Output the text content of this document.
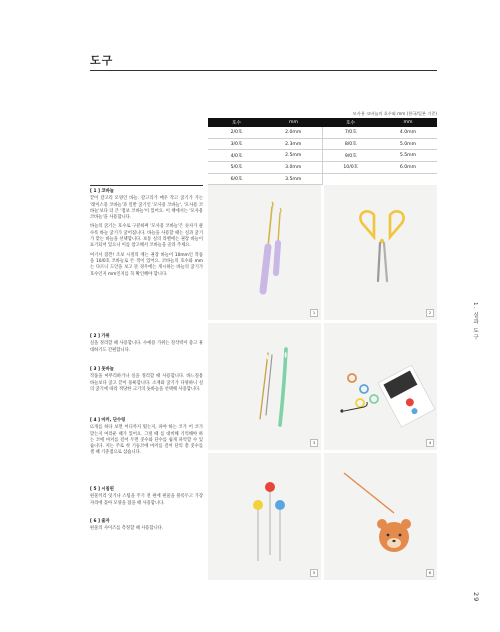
도구
모사용 코바늘의 호수와 mm (한국/일본 기준)
호수	mm	호수	mm
2/0호	2.0mm	7/0호	4.0mm
3/0호	2.3mm	8/0호	5.0mm
4/0호	2.5mm	9/0호	5.5mm
5/0호	3.0mm	10/0호	6.0mm
6/0호	3.5mm		
[ 1 ] 코바늘

끝이 갈고리 모양인 바늘. 갈고리가 매우 작고 굵기가 가는 '레이스용 코바늘'과 일반 굵기인 '모사용 코바늘', '모사용 코바늘'보다 더 큰 '점보 코바늘'이 있어요. 이 책에서는 '모사용 코바늘'을 사용합니다.

바늘의 굵기는 호수로 구분하며 '모사용 코바늘'은 숫자가 클수록 바늘 굵기가 굵어집니다. 바늘을 사용할 때는 실과 굵기가 맞는 바늘을 선택합니다. 보통 실의 라벨에는 권장 바늘이 표기되어 있으니 이를 참고해서 코바늘을 골라 주세요.

여기서 잠깐! 조보 시절의 재는 권장 바늘이 10mm인 작품을 10/0호 코바늘로 뜬 적이 있어요. 코바늘의 호수와 mm는 다르니 도안을 보고 뜰 경우에는 게시하는 바늘의 굵기가 호수인지 mm인지를 꼭 확인해야 합니다.

[ 2 ] 가위

실을 정리할 때 사용합니다. 수예용 가위는 절삭력이 좋고 휴대하기도 간편합니다.

[ 3 ] 돗바늘

작품을 마무리하거나 실을 정리할 때 사용합니다. 바느질용 바늘보다 굵고 끝이 뭉툭합니다. 소재와 굵기가 다양하니 실의 굵기에 따라 적당한 크기의 돗바늘을 선택해 사용합니다.

[ 4 ] 마커, 단수링

뜨개를 하다 보면 어디까지 떴는지, 파야 하는 코가 어 코가 맞는지 여러운 때가 있어요. 그럴 때 를 대비해 기억해야 하는 코에 마커를 걸어 두면 콧수와 단수를 쉽게 파악할 수 있습니다. 저는 주로 첫 기둥코에 마커를 걸어 단의 총 콧수를 셀 때 기준점으로 삼습니다.

[ 5 ] 시침핀

편물끼리 잇거나 스팀을 주기 전 편에 편물을 블록두고 가장자리에 꽂아 모양을 잡을 때 사용합니다.

[ 6 ] 줄자

편물의 사이즈를 측정할 때 사용합니다.

1	2
3	4
5	6
1. 실과 도구
29
